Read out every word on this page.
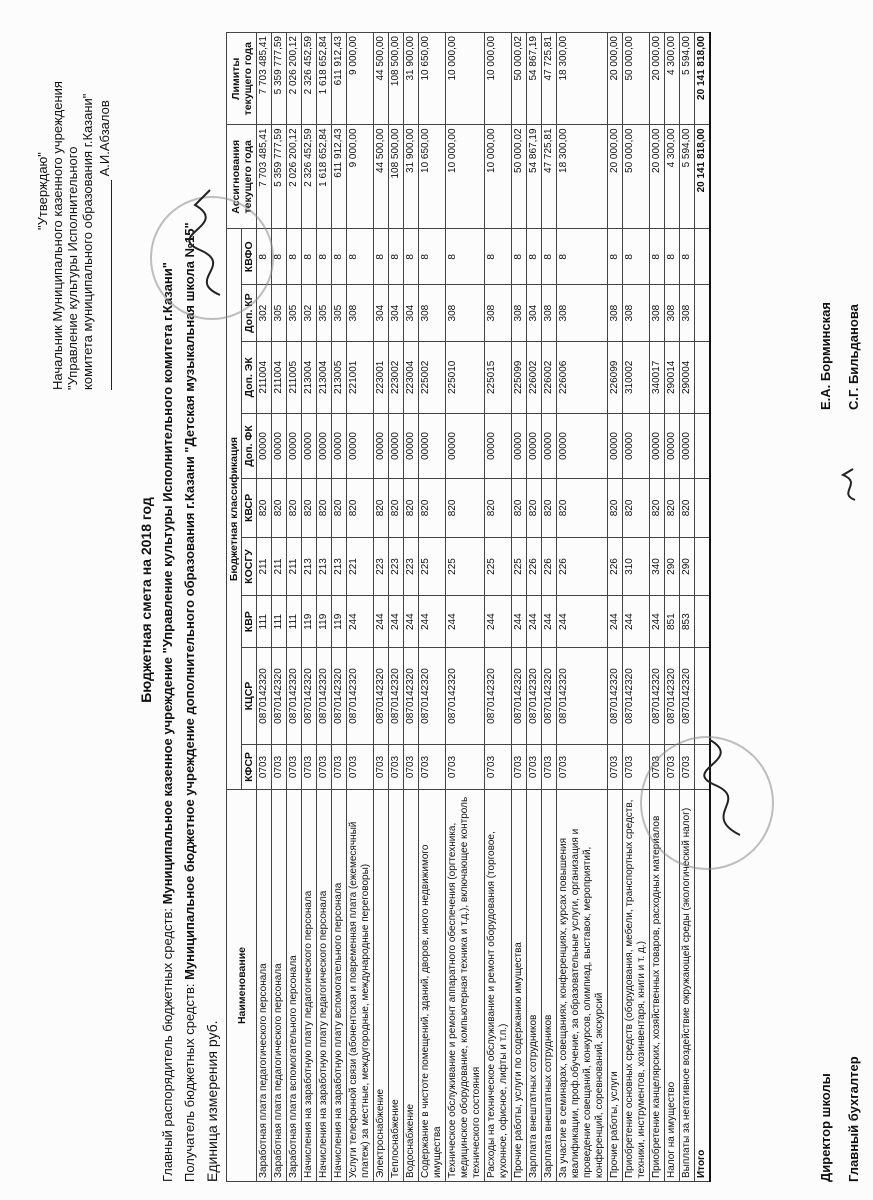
"Утверждаю" Начальник Муниципального казенного учреждения "Управление культуры Исполнительного комитета муниципального образования г.Казани" А.И.Абзалов
Бюджетная смета на 2018 год
Главный распорядитель бюджетных средств: Муниципальное казенное учреждение "Управление культуры Исполнительного комитета г.Казани"
Получатель бюджетных средств: Муниципальное бюджетное учреждение дополнительного образования г.Казани "Детская музыкальная школа №15"
Единица измерения руб.
Наименование	Бюджетная классификация									Ассигнования текущего года	Лимиты текущего года
	КФСР	КЦСР	КВР	КОСГУ	КВСР	Доп. ФК	Доп. ЭК	Доп. КР	КВФО		
Заработная плата педагогического персонала	0703	0870142320	111	211	820	00000	211004	302	8	7 703 485,41	7 703 485,41
Заработная плата педагогического персонала	0703	0870142320	111	211	820	00000	211004	305	8	5 359 777,59	5 359 777,59
Заработная плата вспомогательного персонала	0703	0870142320	111	211	820	00000	211005	305	8	2 026 200,12	2 026 200,12
Начисления на заработную плату педагогического персонала	0703	0870142320	119	213	820	00000	213004	302	8	2 326 452,59	2 326 452,59
Начисления на заработную плату педагогического персонала	0703	0870142320	119	213	820	00000	213004	305	8	1 618 652,84	1 618 652,84
Начисления на заработную плату вспомогательного персонала	0703	0870142320	119	213	820	00000	213005	305	8	611 912,43	611 912,43
Услуги телефонной связи (абонентская и повременная плата (ежемесячный платеж) за местные, междугородные, международные переговоры)	0703	0870142320	244	221	820	00000	221001	308	8	9 000,00	9 000,00
Электроснабжение	0703	0870142320	244	223	820	00000	223001	304	8	44 500,00	44 500,00
Теплоснабжение	0703	0870142320	244	223	820	00000	223002	304	8	108 500,00	108 500,00
Водоснабжение	0703	0870142320	244	223	820	00000	223004	304	8	31 900,00	31 900,00
Содержание в чистоте помещений, зданий, дворов, иного недвижимого имущества	0703	0870142320	244	225	820	00000	225002	308	8	10 650,00	10 650,00
Техническое обслуживание и ремонт аппаратного обеспечения (оргтехника, медицинское оборудование, компьютерная техника и т.д.), включающее контроль технического состояния	0703	0870142320	244	225	820	00000	225010	308	8	10 000,00	10 000,00
Расходы на техническое обслуживание и ремонт оборудования (торговое, кухонное, офисное, лифты и т.п.)	0703	0870142320	244	225	820	00000	225015	308	8	10 000,00	10 000,00
Прочие работы, услуги по содержанию имущества	0703	0870142320	244	225	820	00000	225099	308	8	50 000,02	50 000,02
Зарплата внештатных сотрудников	0703	0870142320	244	226	820	00000	226002	304	8	54 867,19	54 867,19
Зарплата внештатных сотрудников	0703	0870142320	244	226	820	00000	226002	308	8	47 725,81	47 725,81
За участие в семинарах, совещаниях, конференциях, курсах повышения квалификации, проф.обучение, за образовательные услуги, организация и проведение совещаний, конкурсов, олимпиад, выставок, мероприятий, конференций, соревнований, экскурсий	0703	0870142320	244	226	820	00000	226006	308	8	18 300,00	18 300,00
Прочие работы, услуги	0703	0870142320	244	226	820	00000	226099	308	8	20 000,00	20 000,00
Приобретение основных средств (оборудования, мебели, транспортных средств, техники, инструментов, хозинвентаря, книги и т. д.)	0703	0870142320	244	310	820	00000	310002	308	8	50 000,00	50 000,00
Приобретение канцелярских, хозяйственных товаров, расходных материалов	0703	0870142320	244	340	820	00000	340017	308	8	20 000,00	20 000,00
Налог на имущество	0703	0870142320	851	290	820	00000	290014	308	8	4 300,00	4 300,00
Выплаты за негативное воздействие окружающей среды (экологический налог)	0703	0870142320	853	290	820	00000	290004	308	8	5 594,00	5 594,00
Итого										20 141 818,00	20 141 818,00
Директор школы
Е.А. Борминская
Главный бухгалтер
С.Г. Бильданова
